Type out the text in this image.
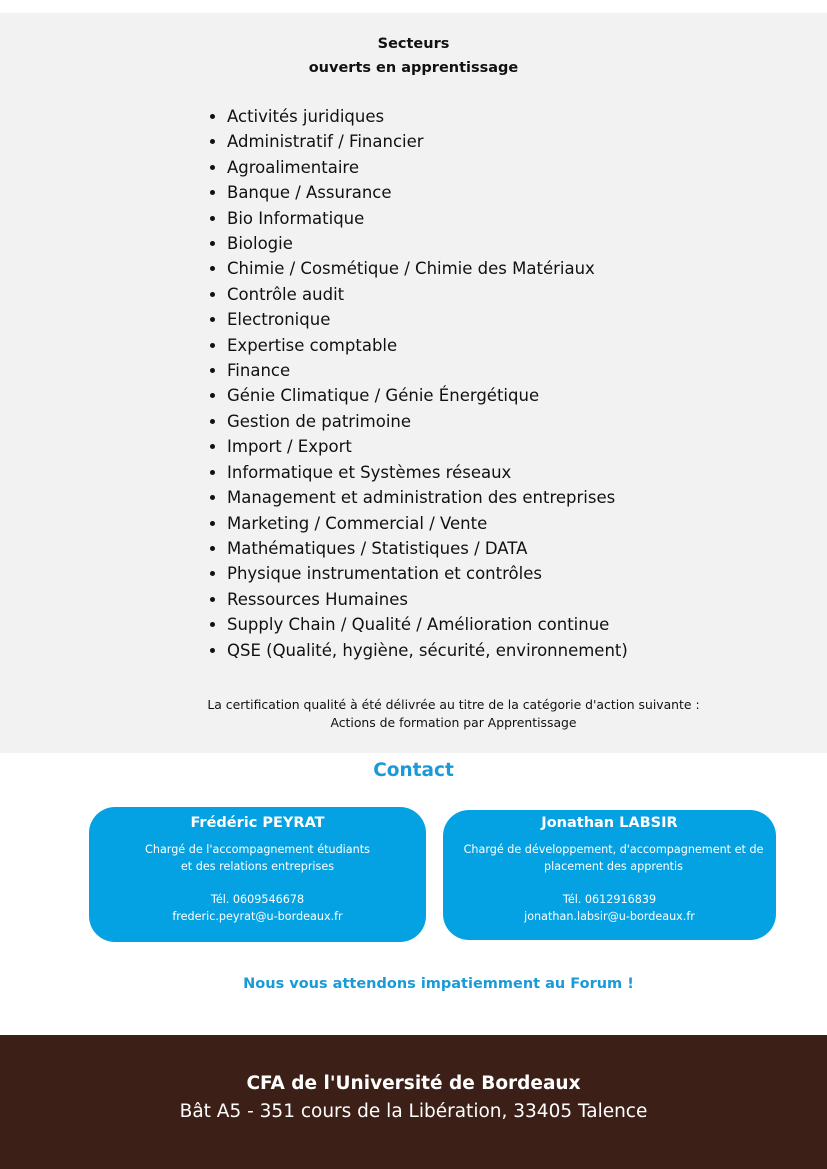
Secteurs
ouverts en apprentissage
• Activités juridiques
• Administratif / Financier
• Agroalimentaire
• Banque / Assurance
• Bio Informatique
• Biologie
• Chimie / Cosmétique / Chimie des Matériaux
• Contrôle audit
• Electronique
• Expertise comptable
• Finance
• Génie Climatique / Génie Énergétique
• Gestion de patrimoine
• Import / Export
• Informatique et Systèmes réseaux
• Management et administration des entreprises
• Marketing / Commercial / Vente
• Mathématiques / Statistiques / DATA
• Physique instrumentation et contrôles
• Ressources Humaines
• Supply Chain / Qualité / Amélioration continue
• QSE (Qualité, hygiène, sécurité, environnement)
La certification qualité à été délivrée au titre de la catégorie d'action suivante :
Actions de formation par Apprentissage
Contact
Frédéric PEYRAT
Chargé de l'accompagnement étudiants
et des relations entreprises
Tél. 0609546678
frederic.peyrat@u-bordeaux.fr
Jonathan LABSIR
Chargé de développement, d'accompagnement et de
placement des apprentis
Tél. 0612916839
jonathan.labsir@u-bordeaux.fr
Nous vous attendons impatiemment au Forum !
CFA de l'Université de Bordeaux
Bât A5 - 351 cours de la Libération, 33405 Talence
